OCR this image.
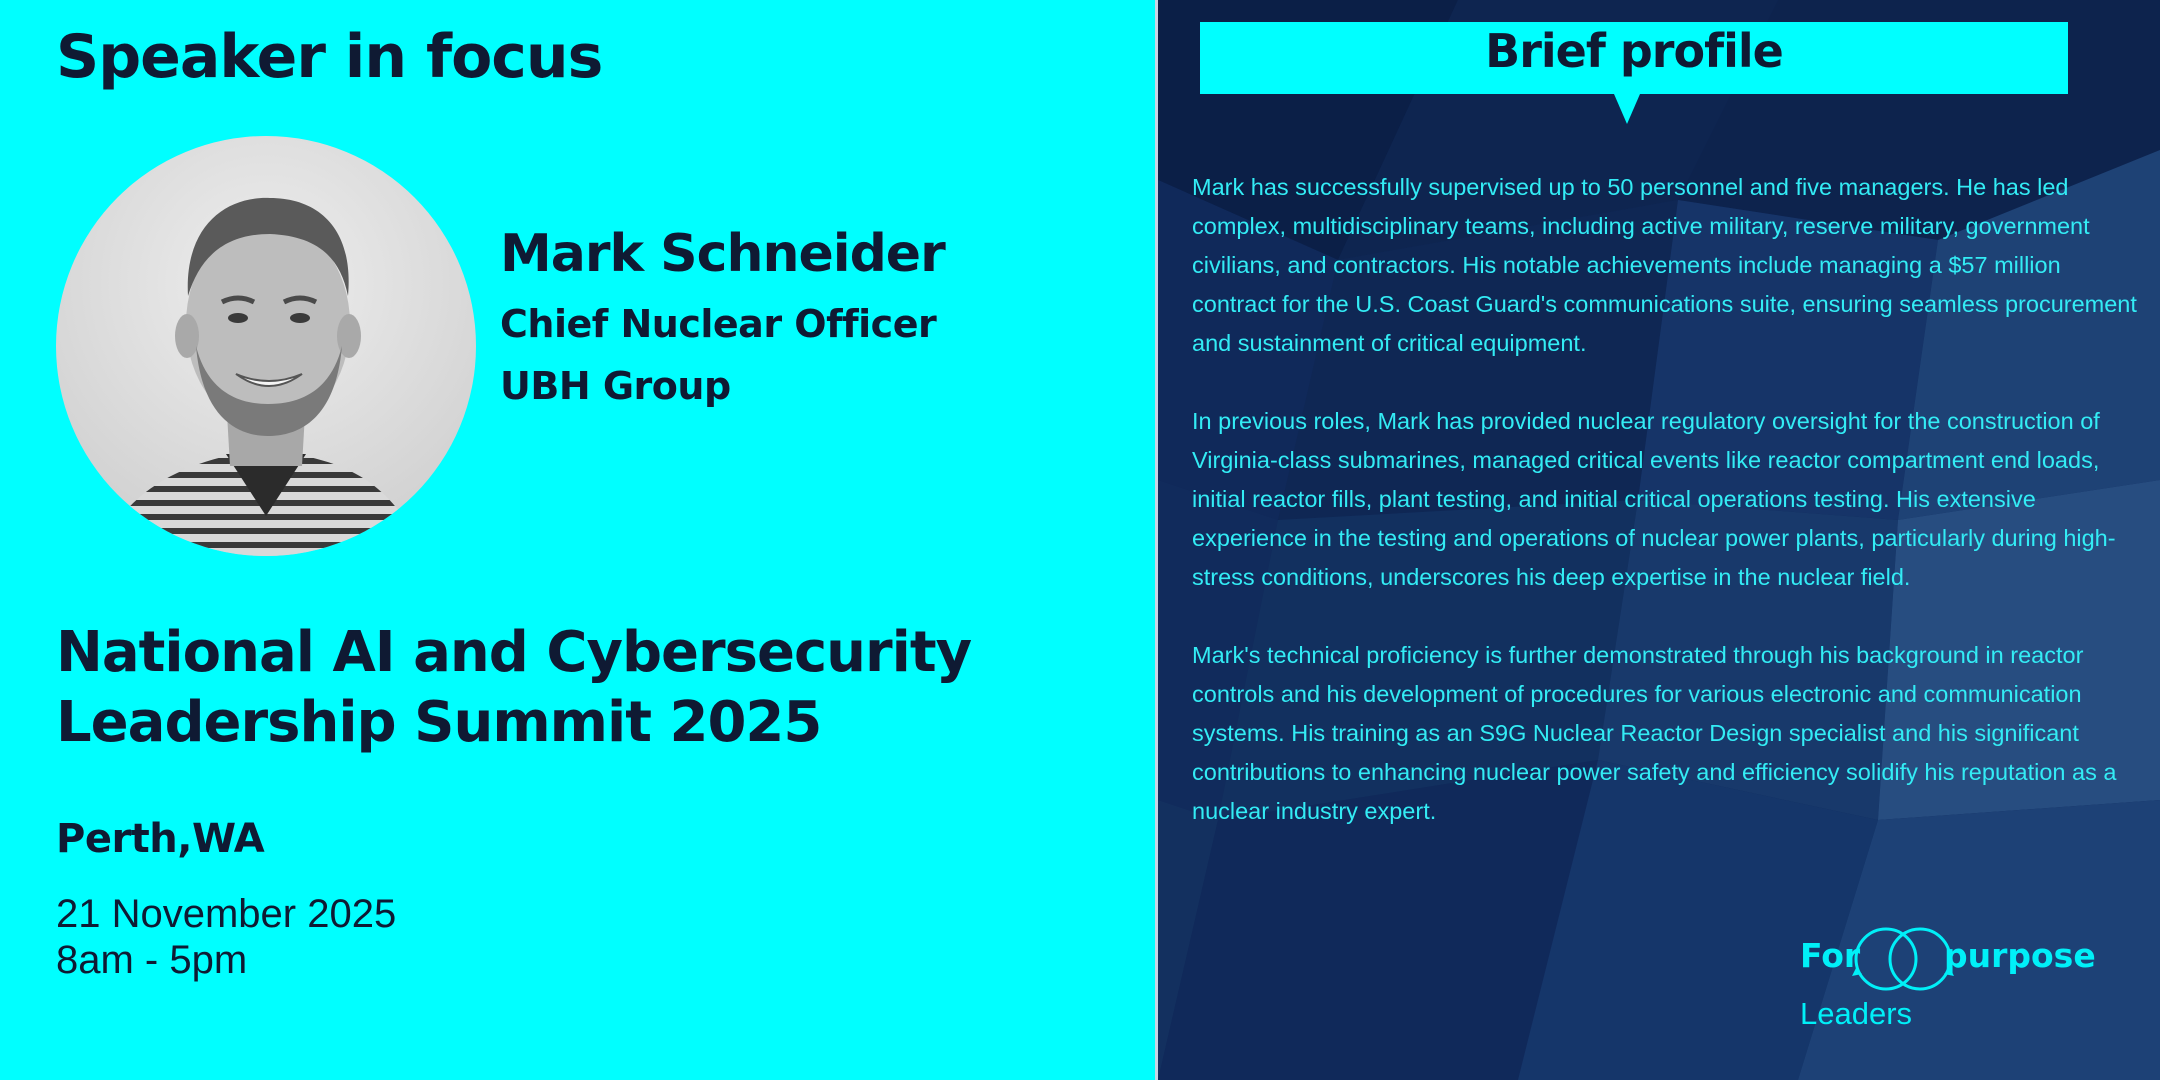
Speaker in focus
Mark Schneider
Chief Nuclear Officer
UBH Group
National AI and Cybersecurity
Leadership Summit 2025
Perth,WA
21 November 2025
8am - 5pm
Brief profile

Mark has successfully supervised up to 50 personnel and five managers. He has led complex, multidisciplinary teams, including active military, reserve military, government civilians, and contractors. His notable achievements include managing a $57 million contract for the U.S. Coast Guard's communications suite, ensuring seamless procurement and sustainment of critical equipment.

In previous roles, Mark has provided nuclear regulatory oversight for the construction of Virginia-class submarines, managed critical events like reactor compartment end loads, initial reactor fills, plant testing, and initial critical operations testing. His extensive experience in the testing and operations of nuclear power plants, particularly during high-stress conditions, underscores his deep expertise in the nuclear field.

Mark's technical proficiency is further demonstrated through his background in reactor controls and his development of procedures for various electronic and communication systems. His training as an S9G Nuclear Reactor Design specialist and his significant contributions to enhancing nuclear power safety and efficiency solidify his reputation as a nuclear industry expert.

For	purpose
Leaders
